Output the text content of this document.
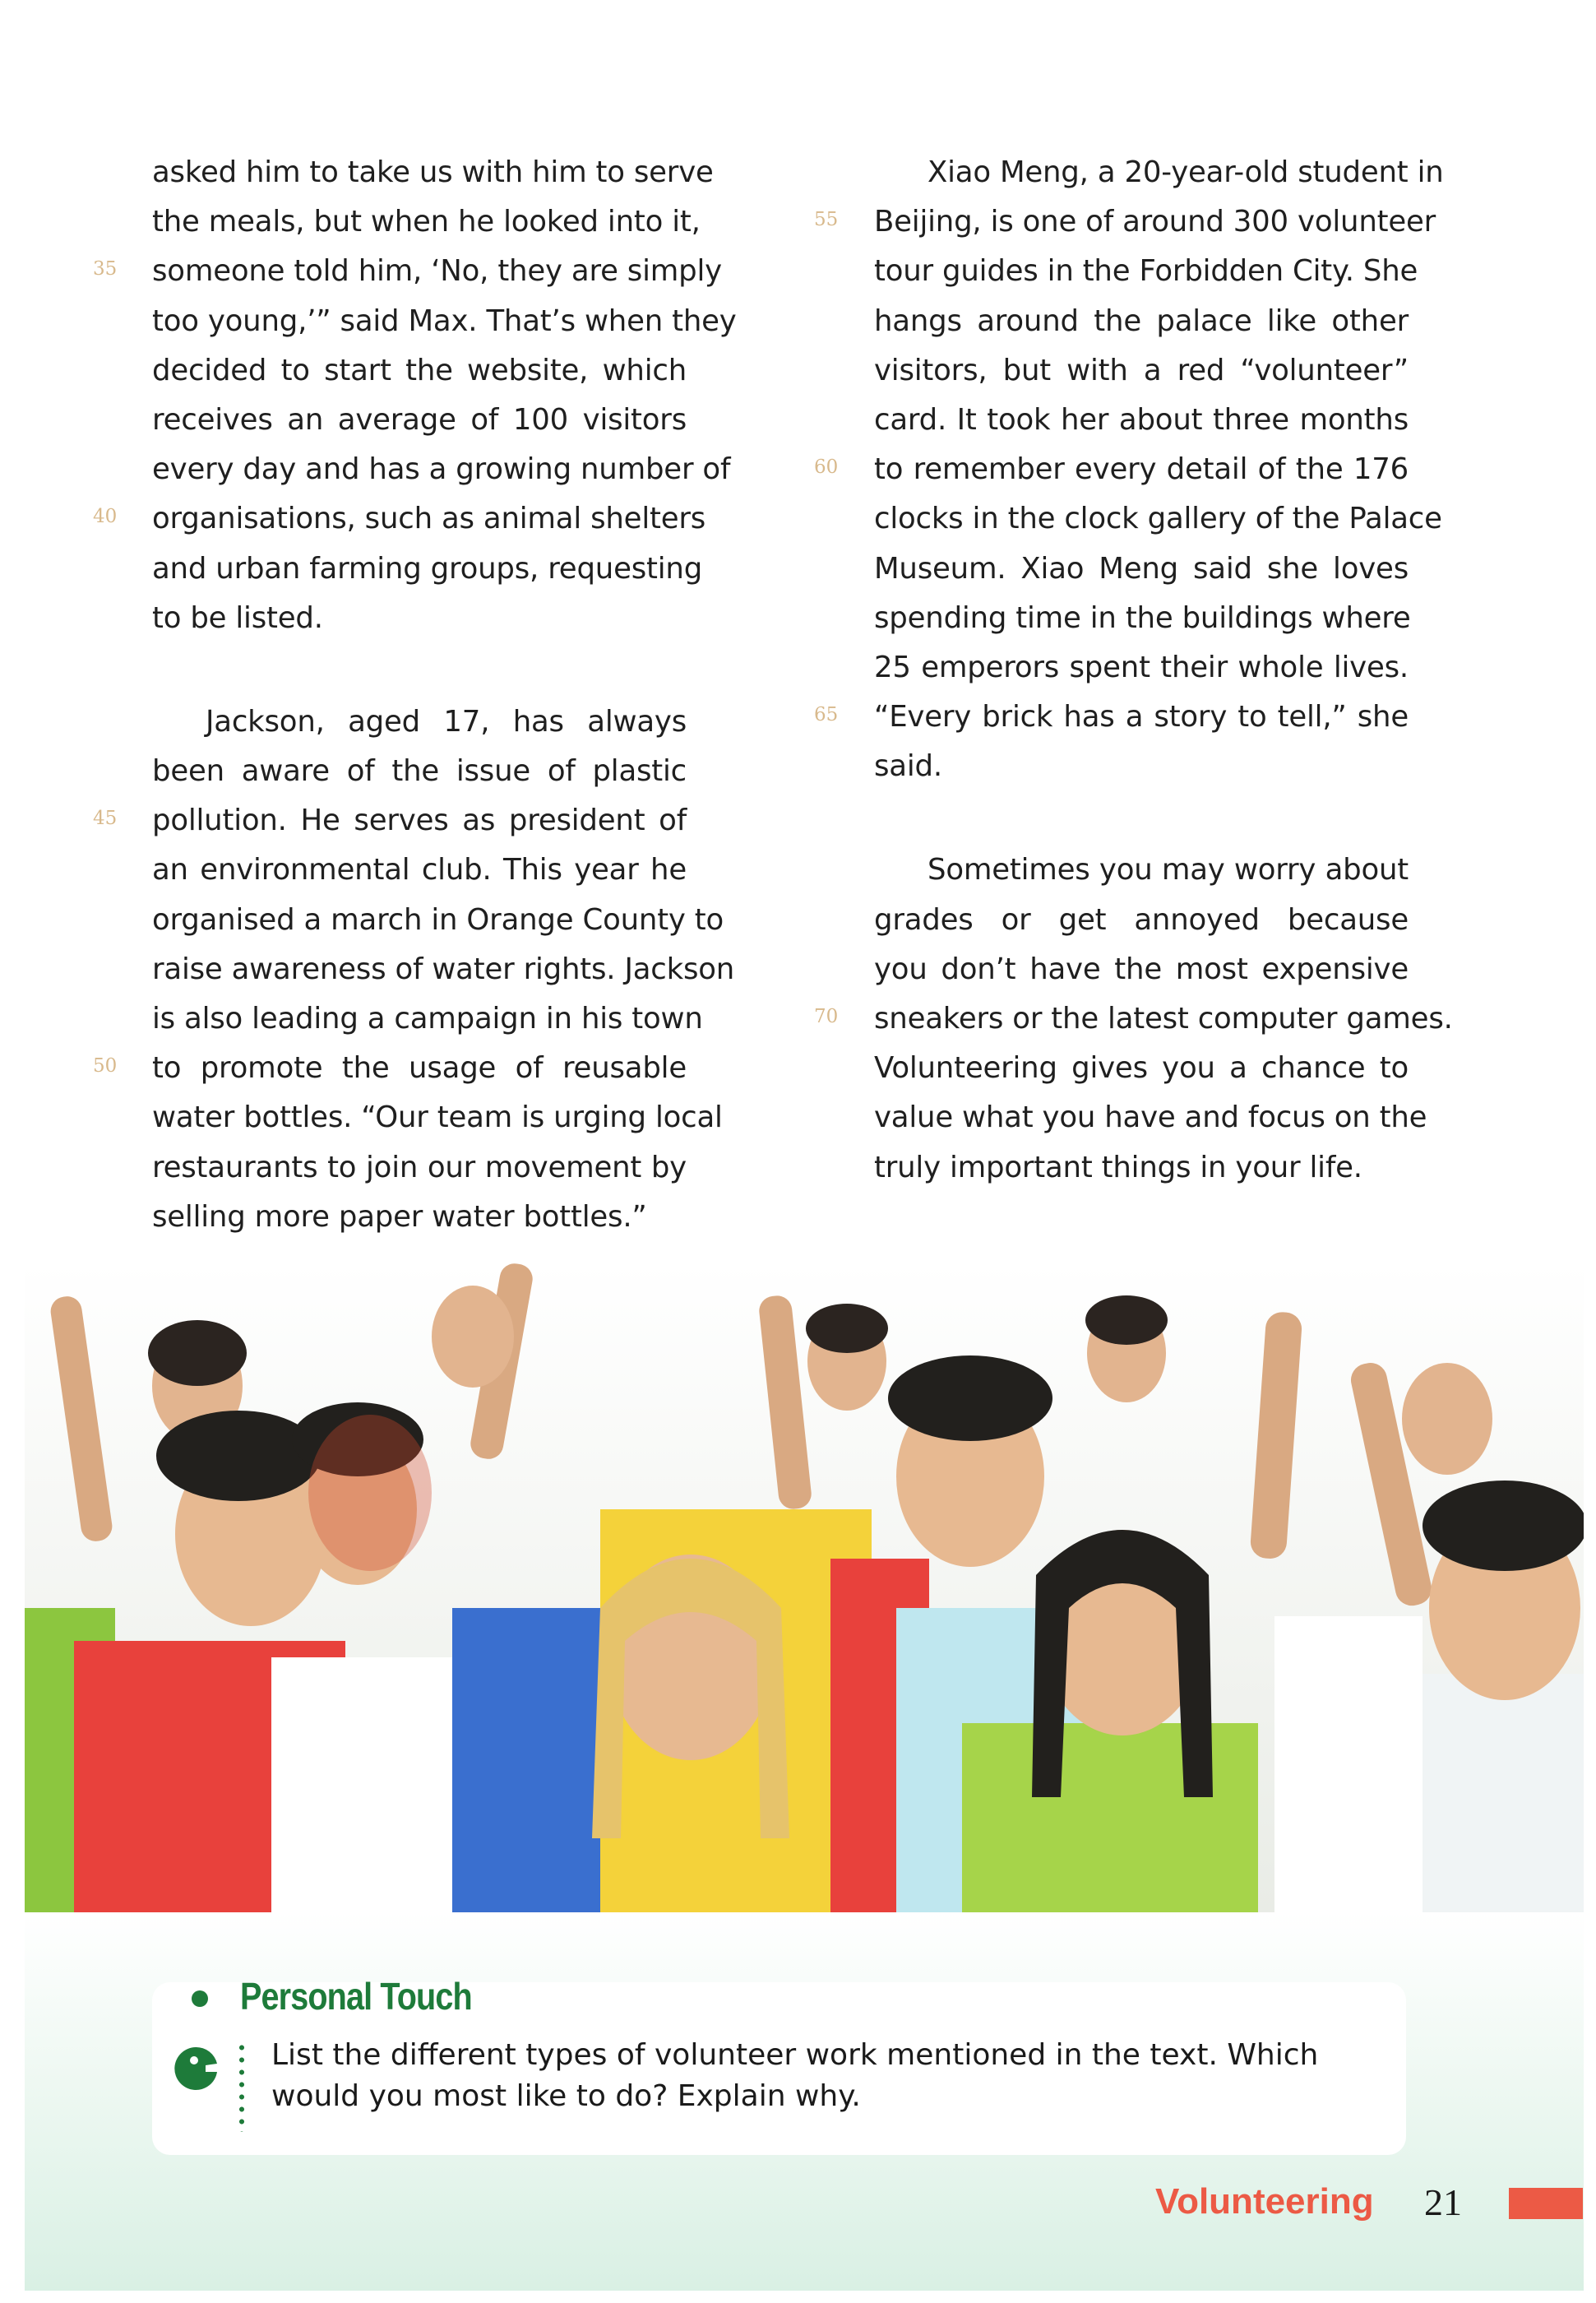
asked him to take us with him to serve
the meals, but when he looked into it,
someone told him, ‘No, they are simply
too young,’” said Max. That’s when they
decided to start the website, which
receives an average of 100 visitors
every day and has a growing number of
organisations, such as animal shelters
and urban farming groups, requesting
to be listed.
Jackson, aged 17, has always
been aware of the issue of plastic
pollution. He serves as president of
an environmental club. This year he
organised a march in Orange County to
raise awareness of water rights. Jackson
is also leading a campaign in his town
to promote the usage of reusable
water bottles. “Our team is urging local
restaurants to join our movement by
selling more paper water bottles.”
Xiao Meng, a 20-year-old student in
Beijing, is one of around 300 volunteer
tour guides in the Forbidden City. She
hangs around the palace like other
visitors, but with a red “volunteer”
card. It took her about three months
to remember every detail of the 176
clocks in the clock gallery of the Palace
Museum. Xiao Meng said she loves
spending time in the buildings where
25 emperors spent their whole lives.
“Every brick has a story to tell,” she
said.
Sometimes you may worry about
grades or get annoyed because
you don’t have the most expensive
sneakers or the latest computer games.
Volunteering gives you a chance to
value what you have and focus on the
truly important things in your life.
35
40
45
50
55
60
65
70
Personal Touch
List the different types of volunteer work mentioned in the text. Which would you most like to do? Explain why.
Volunteering 21
